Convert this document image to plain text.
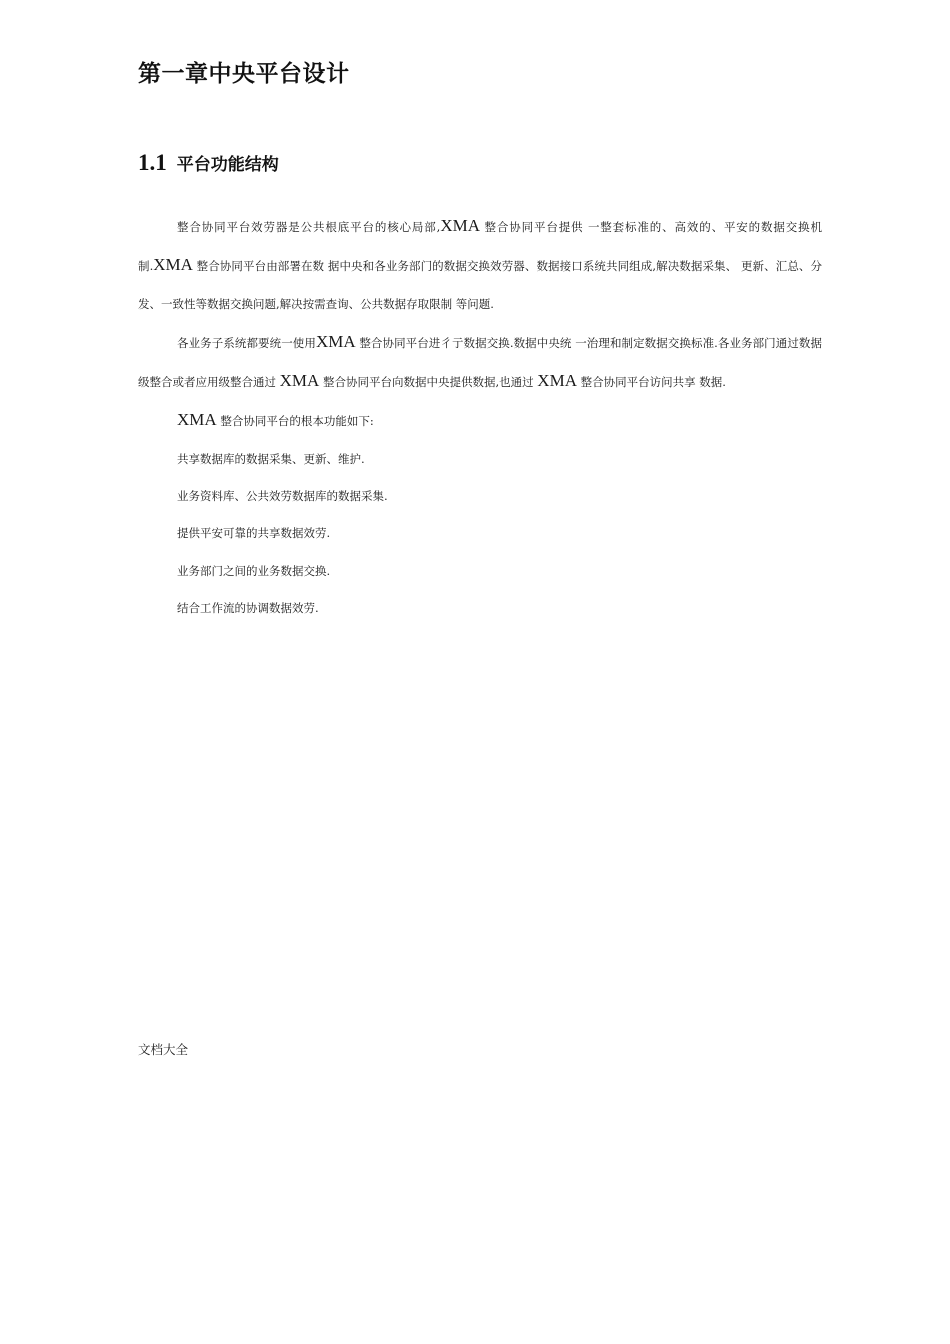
第一章中央平台设计
1.1 平台功能结构

整合协同平台效劳器是公共根底平台的核心局部,XMA 整合协同平台提供 一整套标准的、高效的、平安的数据交换机制.XMA 整合协同平台由部署在数 据中央和各业务部门的数据交换效劳器、数据接口系统共同组成,解决数据采集、 更新、汇总、分发、一致性等数据交换问题,解决按需查询、公共数据存取限制 等问题.

各业务子系统都要统一使用XMA 整合协同平台进彳亍数据交换.数据中央统 一治理和制定数据交换标准.各业务部门通过数据级整合或者应用级整合通过 XMA 整合协同平台向数据中央提供数据,也通过 XMA 整合协同平台访问共享 数据.

XMA 整合协同平台的根本功能如下:

共享数据库的数据采集、更新、维护.
业务资料库、公共效劳数据库的数据采集.
提供平安可靠的共享数据效劳.
业务部门之间的业务数据交换.
结合工作流的协调数据效劳.
文档大全
